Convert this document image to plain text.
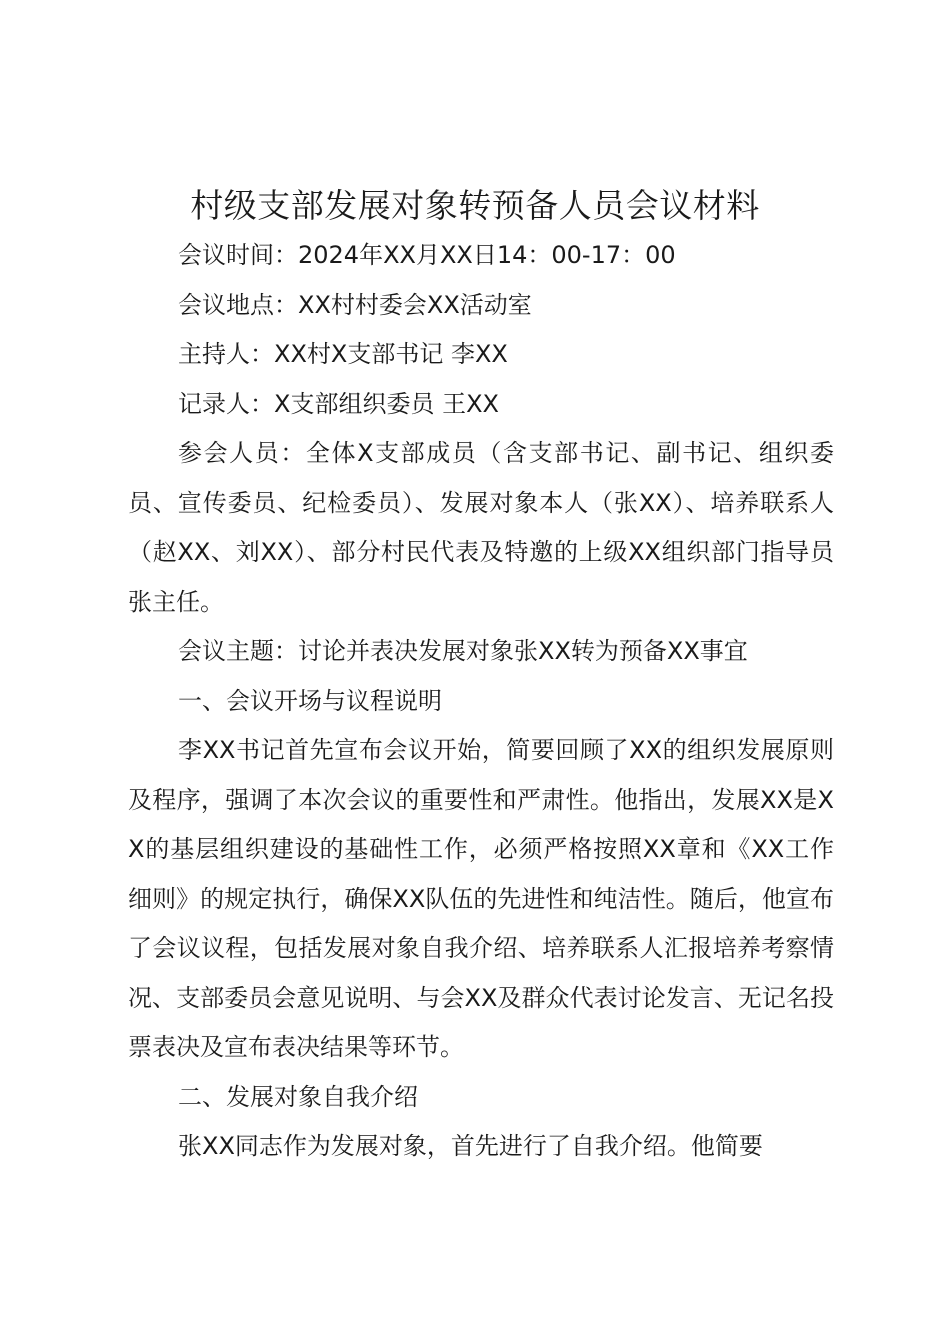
村级支部发展对象转预备人员会议材料

会议时间：2024年XX月XX日14：00-17：00

会议地点：XX村村委会XX活动室

主持人：XX村X支部书记 李XX

记录人：X支部组织委员 王XX

参会人员：全体X支部成员（含支部书记、副书记、组织委员、宣传委员、纪检委员）、发展对象本人（张XX）、培养联系人（赵XX、刘XX）、部分村民代表及特邀的上级XX组织部门指导员张主任。

会议主题：讨论并表决发展对象张XX转为预备XX事宜

一、会议开场与议程说明

李XX书记首先宣布会议开始，简要回顾了XX的组织发展原则及程序，强调了本次会议的重要性和严肃性。他指出，发展XX是XX的基层组织建设的基础性工作，必须严格按照XX章和《XX工作细则》的规定执行，确保XX队伍的先进性和纯洁性。随后，他宣布了会议议程，包括发展对象自我介绍、培养联系人汇报培养考察情况、支部委员会意见说明、与会XX及群众代表讨论发言、无记名投票表决及宣布表决结果等环节。

二、发展对象自我介绍

张XX同志作为发展对象，首先进行了自我介绍。他简要
